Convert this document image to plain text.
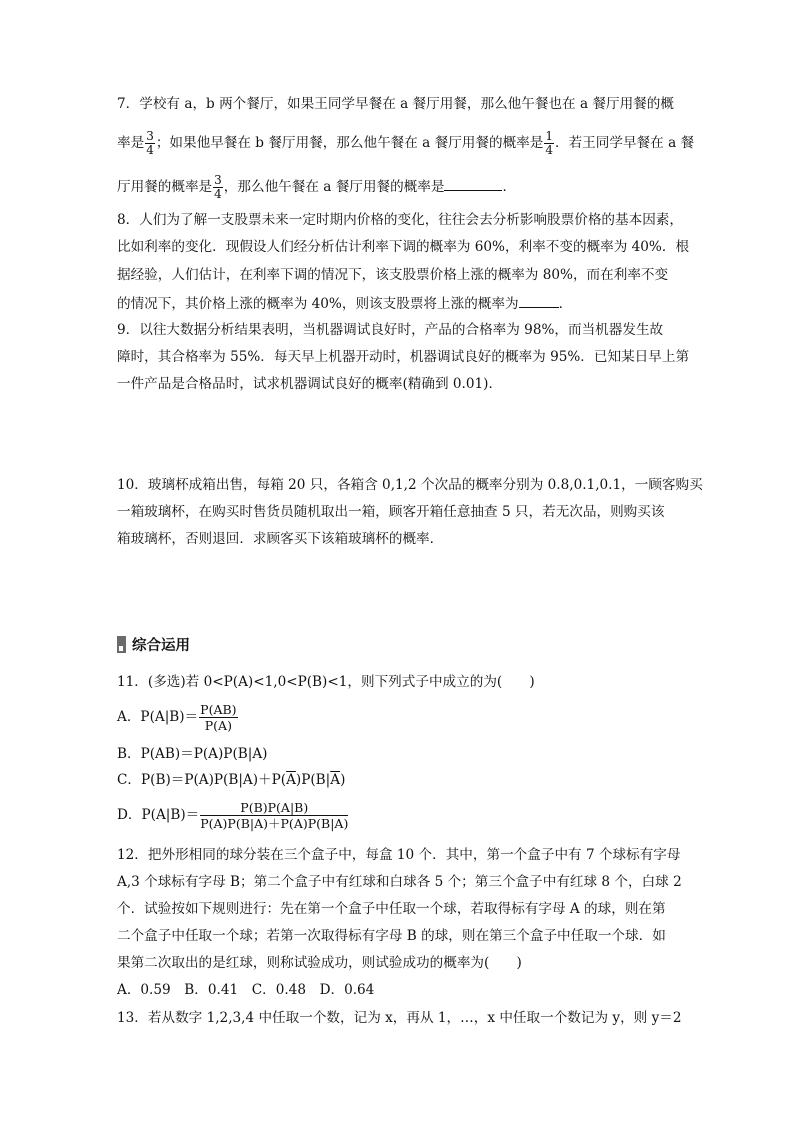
7．学校有 a，b 两个餐厅，如果王同学早餐在 a 餐厅用餐，那么他午餐也在 a 餐厅用餐的概
率是 $\frac{3}{4}$ ；如果他早餐在 b 餐厅用餐，那么他午餐在 a 餐厅用餐的概率是 $\frac{1}{4}$ ．若王同学早餐在 a 餐
厅用餐的概率是 $\frac{3}{4}$ ，那么他午餐在 a 餐厅用餐的概率是	．
8．人们为了解一支股票未来一定时期内价格的变化，往往会去分析影响股票价格的基本因素，
比如利率的变化．现假设人们经分析估计利率下调的概率为 60%，利率不变的概率为 40%．根
据经验，人们估计，在利率下调的情况下，该支股票价格上涨的概率为 80%，而在利率不变
的情况下，其价格上涨的概率为 40%，则该支股票将上涨的概率为	．
9．以往大数据分析结果表明，当机器调试良好时，产品的合格率为 98%，而当机器发生故
障时，其合格率为 55%．每天早上机器开动时，机器调试良好的概率为 95%．已知某日早上第
一件产品是合格品时，试求机器调试良好的概率(精确到 0.01)．
10．玻璃杯成箱出售，每箱 20 只，各箱含 0,1,2 个次品的概率分别为 0.8,0.1,0.1，一顾客购买
一箱玻璃杯，在购买时售货员随机取出一箱，顾客开箱任意抽查 5 只，若无次品，则购买该
箱玻璃杯，否则退回．求顾客买下该箱玻璃杯的概率．
综合运用
11．(多选)若 0<P(A)<1,0<P(B)<1，则下列式子中成立的为(　　)
A．$P(A|B)= \frac{P(AB)}{P(A)}$
B．P(AB)＝P(A)P(B|A)
C．$P(B)=P(A)P(B|A)+P(\overline{A})P(B|\overline{A})$
D．$P(A|B)= \frac{P(B)P(A|B)}{P(A)P(B|A)+P(\overline{A})P(B|\overline{A})}$
12．把外形相同的球分装在三个盒子中，每盒 10 个．其中，第一个盒子中有 7 个球标有字母
A,3 个球标有字母 B；第二个盒子中有红球和白球各 5 个；第三个盒子中有红球 8 个，白球 2
个．试验按如下规则进行：先在第一个盒子中任取一个球，若取得标有字母 A 的球，则在第
二个盒子中任取一个球；若第一次取得标有字母 B 的球，则在第三个盒子中任取一个球．如
果第二次取出的是红球，则称试验成功，则试验成功的概率为(　　)
A．0.59　B．0.41　C．0.48　D．0.64
13．若从数字 1,2,3,4 中任取一个数，记为 x，再从 1，…，x 中任取一个数记为 y，则 y＝2
